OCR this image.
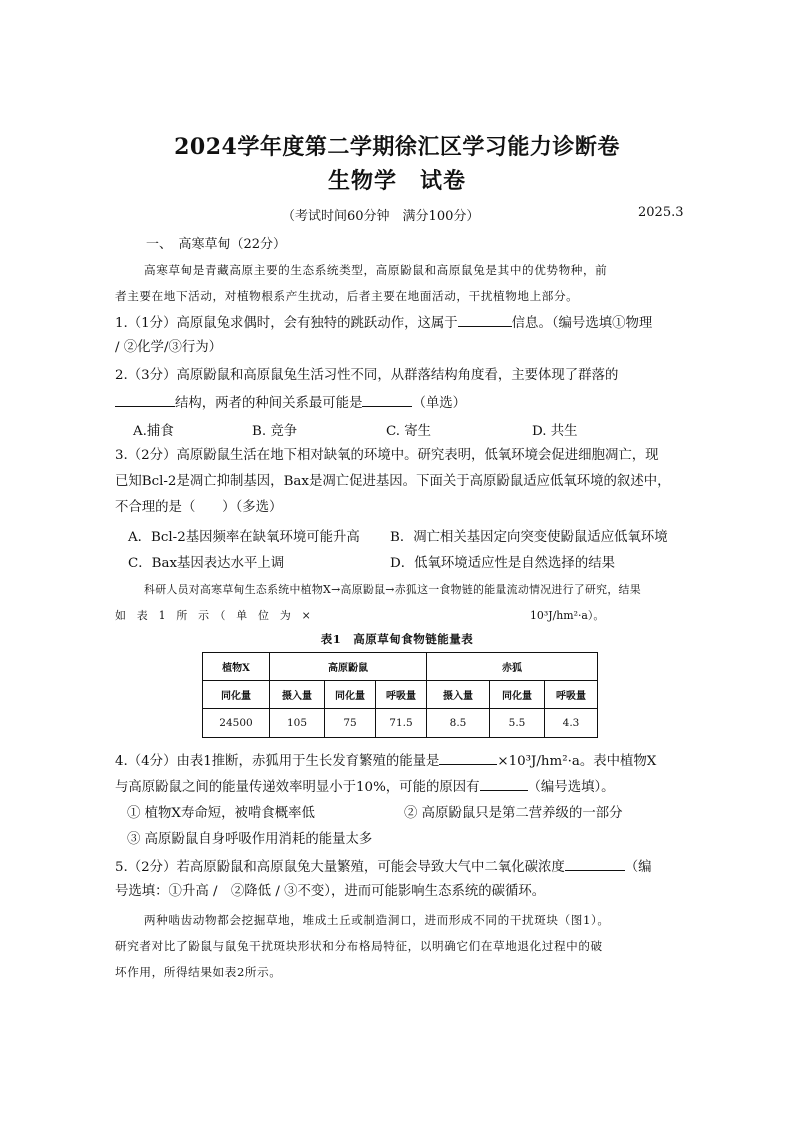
2024学年度第二学期徐汇区学习能力诊断卷
生物学　试卷
（考试时间60分钟　满分100分）	2025.3
一、　高寒草甸（22分）
高寒草甸是青藏高原主要的生态系统类型，高原鼢鼠和高原鼠兔是其中的优势物种，前
者主要在地下活动，对植物根系产生扰动，后者主要在地面活动，干扰植物地上部分。
1.（1分）高原鼠兔求偶时，会有独特的跳跃动作，这属于	信息。（编号选填①物理
/ ②化学/③行为）
2.（3分）高原鼢鼠和高原鼠兔生活习性不同，从群落结构角度看，主要体现了群落的
结构，两者的种间关系最可能是	（单选）
A.捕食	B. 竞争	C. 寄生	D. 共生
3.（2分）高原鼢鼠生活在地下相对缺氧的环境中。研究表明，低氧环境会促进细胞凋亡，现
已知Bcl-2是凋亡抑制基因，Bax是凋亡促进基因。下面关于高原鼢鼠适应低氧环境的叙述中，
不合理的是（　　）（多选）
A．Bcl-2基因频率在缺氧环境可能升高 B．凋亡相关基因定向突变使鼢鼠适应低氧环境
C．Bax基因表达水平上调	D．低氧环境适应性是自然选择的结果
科研人员对高寒草甸生态系统中植物X→高原鼢鼠→赤狐这一食物链的能量流动情况进行了研究，结果
如　表　1　所　示　（　单　位　为　×	10³J/hm²·a）。
表1　高原草甸食物链能量表
植物X	高原鼢鼠			赤狐		
同化量	摄入量	同化量	呼吸量	摄入量	同化量	呼吸量
24500	105	75	71.5	8.5	5.5	4.3
4.（4分）由表1推断，赤狐用于生长发育繁殖的能量是	×10³J/hm²·a。表中植物X
与高原鼢鼠之间的能量传递效率明显小于10%，可能的原因有	（编号选填）。
① 植物X寿命短，被啃食概率低	② 高原鼢鼠只是第二营养级的一部分
③ 高原鼢鼠自身呼吸作用消耗的能量太多
5.（2分）若高原鼢鼠和高原鼠兔大量繁殖，可能会导致大气中二氧化碳浓度	（编
号选填：①升高 /　②降低 / ③不变），进而可能影响生态系统的碳循环。
两种啮齿动物都会挖掘草地，堆成土丘或制造洞口，进而形成不同的干扰斑块（图1）。
研究者对比了鼢鼠与鼠兔干扰斑块形状和分布格局特征，以明确它们在草地退化过程中的破
坏作用，所得结果如表2所示。
